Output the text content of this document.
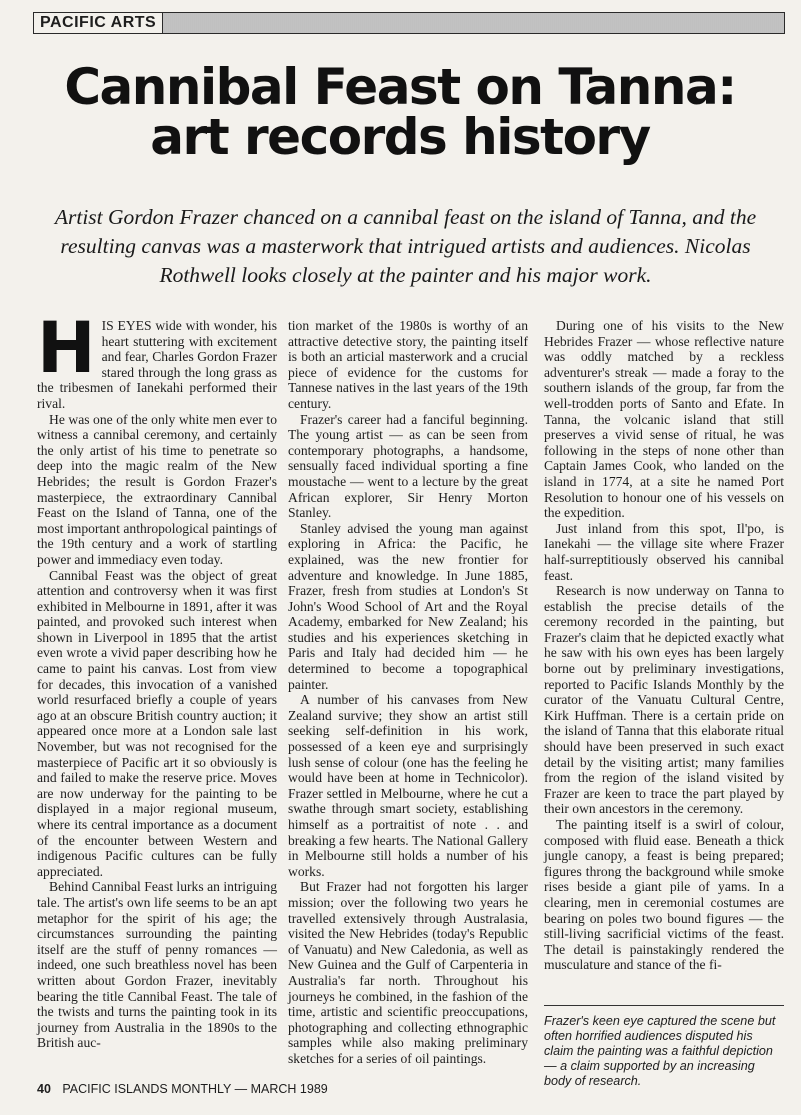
PACIFIC ARTS
Cannibal Feast on Tanna:
art records history

Artist Gordon Frazer chanced on a cannibal feast on the island of Tanna, and the resulting canvas was a masterwork that intrigued artists and audiences. Nicolas Rothwell looks closely at the painter and his major work.

H IS EYES wide with wonder, his heart stuttering with excitement and fear, Charles Gordon Frazer stared through the long grass as the tribesmen of Ianekahi performed their rival.

He was one of the only white men ever to witness a cannibal ceremony, and certainly the only artist of his time to penetrate so deep into the magic realm of the New Hebrides; the result is Gordon Frazer's masterpiece, the extraordinary Cannibal Feast on the Island of Tanna, one of the most important anthropological paintings of the 19th century and a work of startling power and immediacy even today.

Cannibal Feast was the object of great attention and controversy when it was first exhibited in Melbourne in 1891, after it was painted, and provoked such interest when shown in Liverpool in 1895 that the artist even wrote a vivid paper describing how he came to paint his canvas. Lost from view for decades, this invocation of a vanished world resurfaced briefly a couple of years ago at an obscure British country auction; it appeared once more at a London sale last November, but was not recognised for the masterpiece of Pacific art it so obviously is and failed to make the reserve price. Moves are now underway for the painting to be displayed in a major regional museum, where its central importance as a document of the encounter between Western and indigenous Pacific cultures can be fully appreciated.

Behind Cannibal Feast lurks an intriguing tale. The artist's own life seems to be an apt metaphor for the spirit of his age; the circumstances surrounding the painting itself are the stuff of penny romances — indeed, one such breathless novel has been written about Gordon Frazer, inevitably bearing the title Cannibal Feast. The tale of the twists and turns the painting took in its journey from Australia in the 1890s to the British auc-

tion market of the 1980s is worthy of an attractive detective story, the painting itself is both an articial masterwork and a crucial piece of evidence for the customs for Tannese natives in the last years of the 19th century.

Frazer's career had a fanciful beginning. The young artist — as can be seen from contemporary photographs, a handsome, sensually faced individual sporting a fine moustache — went to a lecture by the great African explorer, Sir Henry Morton Stanley.

Stanley advised the young man against exploring in Africa: the Pacific, he explained, was the new frontier for adventure and knowledge. In June 1885, Frazer, fresh from studies at London's St John's Wood School of Art and the Royal Academy, embarked for New Zealand; his studies and his experiences sketching in Paris and Italy had decided him — he determined to become a topographical painter.

A number of his canvases from New Zealand survive; they show an artist still seeking self-definition in his work, possessed of a keen eye and surprisingly lush sense of colour (one has the feeling he would have been at home in Technicolor). Frazer settled in Melbourne, where he cut a swathe through smart society, establishing himself as a portraitist of note . . and breaking a few hearts. The National Gallery in Melbourne still holds a number of his works.

But Frazer had not forgotten his larger mission; over the following two years he travelled extensively through Australasia, visited the New Hebrides (today's Republic of Vanuatu) and New Caledonia, as well as New Guinea and the Gulf of Carpenteria in Australia's far north. Throughout his journeys he combined, in the fashion of the time, artistic and scientific preoccupations, photographing and collecting ethnographic samples while also making preliminary sketches for a series of oil paintings.

During one of his visits to the New Hebrides Frazer — whose reflective nature was oddly matched by a reckless adventurer's streak — made a foray to the southern islands of the group, far from the well-trodden ports of Santo and Efate. In Tanna, the volcanic island that still preserves a vivid sense of ritual, he was following in the steps of none other than Captain James Cook, who landed on the island in 1774, at a site he named Port Resolution to honour one of his vessels on the expedition.

Just inland from this spot, Il'po, is Ianekahi — the village site where Frazer half-surreptitiously observed his cannibal feast.

Research is now underway on Tanna to establish the precise details of the ceremony recorded in the painting, but Frazer's claim that he depicted exactly what he saw with his own eyes has been largely borne out by preliminary investigations, reported to Pacific Islands Monthly by the curator of the Vanuatu Cultural Centre, Kirk Huffman. There is a certain pride on the island of Tanna that this elaborate ritual should have been preserved in such exact detail by the visiting artist; many families from the region of the island visited by Frazer are keen to trace the part played by their own ancestors in the ceremony.

The painting itself is a swirl of colour, composed with fluid ease. Beneath a thick jungle canopy, a feast is being prepared; figures throng the background while smoke rises beside a giant pile of yams. In a clearing, men in ceremonial costumes are bearing on poles two bound figures — the still-living sacrificial victims of the feast. The detail is painstakingly rendered the musculature and stance of the fi-

Frazer's keen eye captured the scene but often horrified audiences disputed his claim the painting was a faithful depiction — a claim supported by an increasing body of research.

40 PACIFIC ISLANDS MONTHLY — MARCH 1989
